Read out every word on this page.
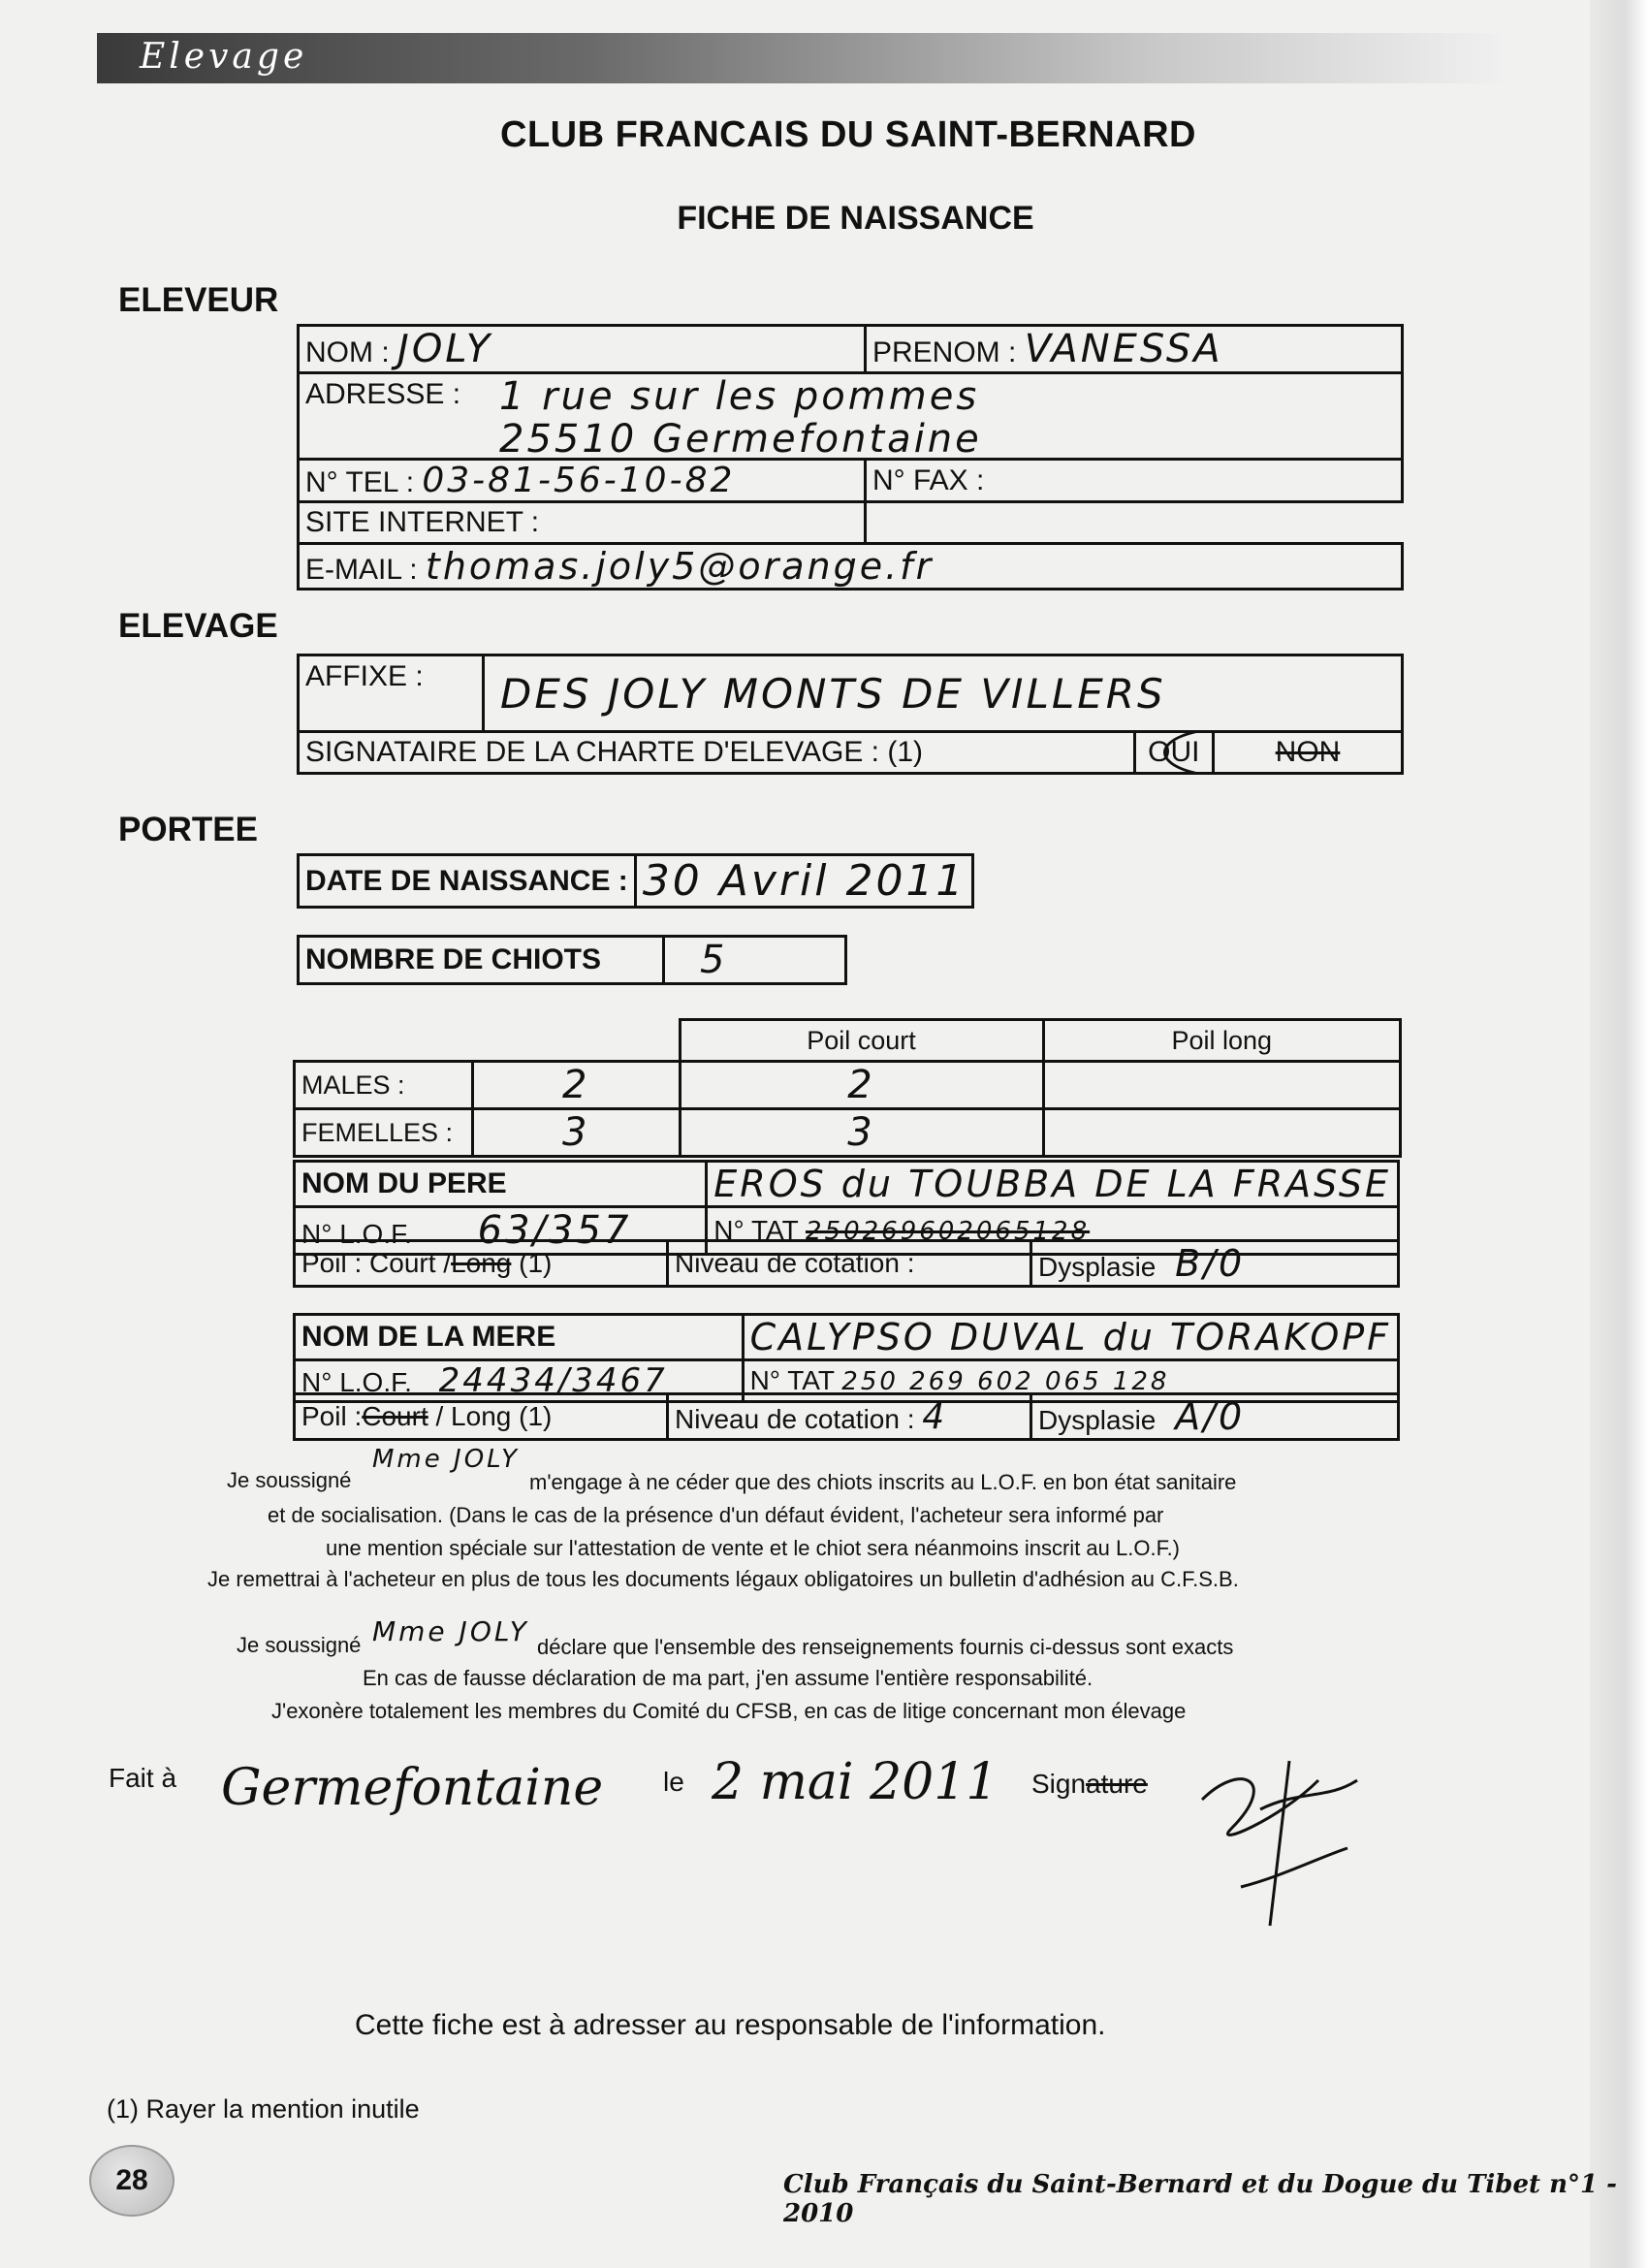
Elevage
CLUB FRANCAIS DU SAINT-BERNARD
FICHE DE NAISSANCE
ELEVEUR
NOM : JOLY	PRENOM : VANESSA

ADRESSE : 1 rue sur les pommes
25510 Germefontaine	

N° TEL : 03-81-56-10-82	N° FAX :
SITE INTERNET :	
E-MAIL : thomas.joly5@orange.fr	
ELEVAGE
AFFIXE :	DES JOLY MONTS DE VILLERS		
SIGNATAIRE DE LA CHARTE D'ELEVAGE : (1)		OUI	NON
PORTEE
DATE DE NAISSANCE :	30 Avril 2011
NOMBRE DE CHIOTS	5
		Poil court	Poil long
MALES :	2	2	
FEMELLES :	3	3	
NOM DU PERE	EROS du TOUBBA DE LA FRASSE
N° L.O.F. 63/357	N° TAT 250269602065128
Poil : Court /Long (1)	Niveau de cotation :	Dysplasie B/0
NOM DE LA MERE	CALYPSO DUVAL du TORAKOPF
N° L.O.F. 24434/3467	N° TAT 250 269 602 065 128
Poil :Court / Long (1)	Niveau de cotation : 4	Dysplasie A/0
Je soussigné
Mme JOLY
m'engage à ne céder que des chiots inscrits au L.O.F. en bon état sanitaire
et de socialisation. (Dans le cas de la présence d'un défaut évident, l'acheteur sera informé par
une mention spéciale sur l'attestation de vente et le chiot sera néanmoins inscrit au L.O.F.)
Je remettrai à l'acheteur en plus de tous les documents légaux obligatoires un bulletin d'adhésion au C.F.S.B.
Je soussigné Mme JOLY déclare que l'ensemble des renseignements fournis ci-dessus sont exacts
En cas de fausse déclaration de ma part, j'en assume l'entière responsabilité.
J'exonère totalement les membres du Comité du CFSB, en cas de litige concernant mon élevage
Fait à Germefontaine le 2 mai 2011 Signature
Cette fiche est à adresser au responsable de l'information.
(1) Rayer la mention inutile
28	Club Français du Saint-Bernard et du Dogue du Tibet n°1 - 2010
